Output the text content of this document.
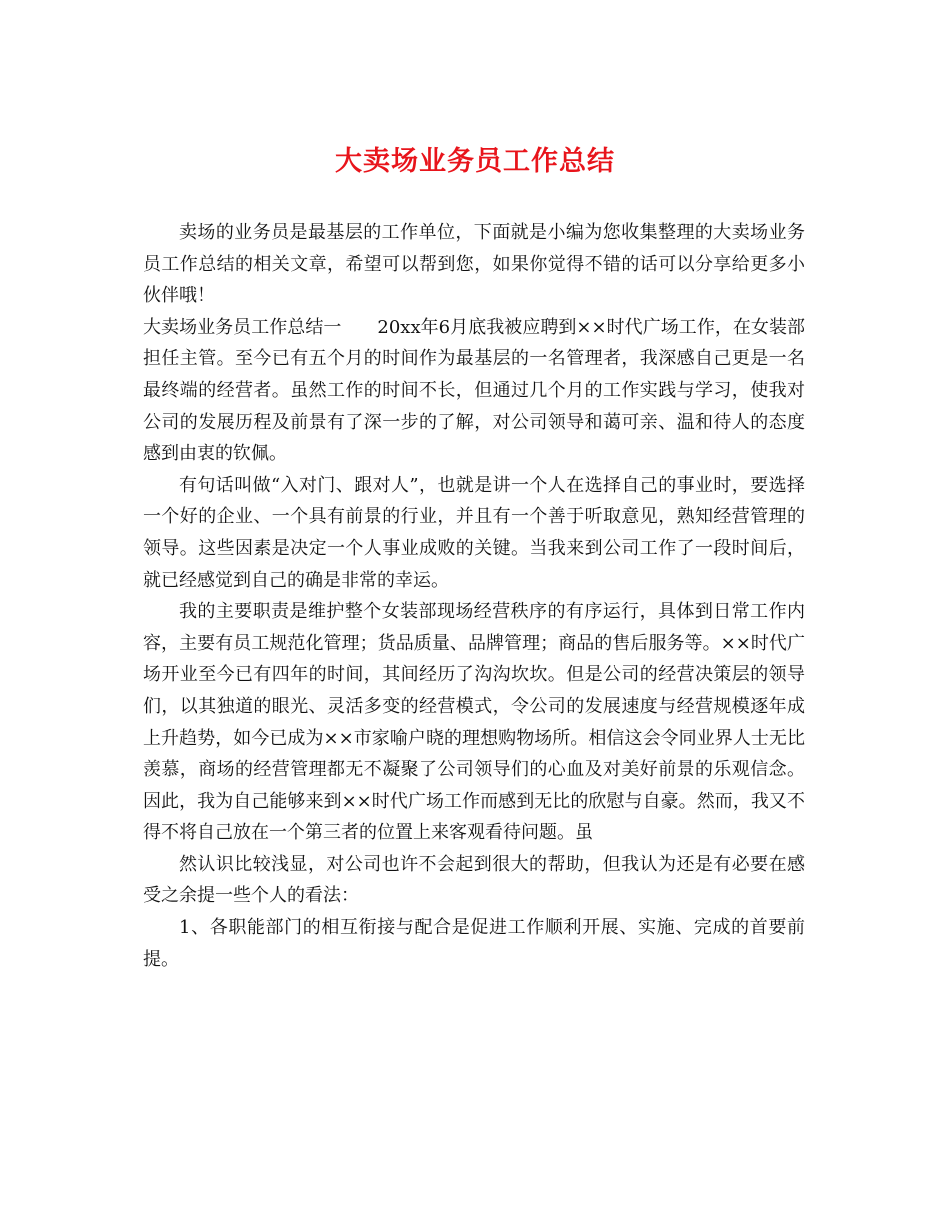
大卖场业务员工作总结

卖场的业务员是最基层的工作单位，下面就是小编为您收集整理的大卖场业务员工作总结的相关文章，希望可以帮到您，如果你觉得不错的话可以分享给更多小伙伴哦！

大卖场业务员工作总结一 20xx年6月底我被应聘到××时代广场工作，在女装部担任主管。至今已有五个月的时间作为最基层的一名管理者，我深感自己更是一名最终端的经营者。虽然工作的时间不长，但通过几个月的工作实践与学习，使我对公司的发展历程及前景有了深一步的了解，对公司领导和蔼可亲、温和待人的态度感到由衷的钦佩。

有句话叫做“入对门、跟对人”，也就是讲一个人在选择自己的事业时，要选择一个好的企业、一个具有前景的行业，并且有一个善于听取意见，熟知经营管理的领导。这些因素是决定一个人事业成败的关键。当我来到公司工作了一段时间后，就已经感觉到自己的确是非常的幸运。

我的主要职责是维护整个女装部现场经营秩序的有序运行，具体到日常工作内容，主要有员工规范化管理；货品质量、品牌管理；商品的售后服务等。××时代广场开业至今已有四年的时间，其间经历了沟沟坎坎。但是公司的经营决策层的领导们，以其独道的眼光、灵活多变的经营模式，令公司的发展速度与经营规模逐年成上升趋势，如今已成为××市家喻户晓的理想购物场所。相信这会令同业界人士无比羡慕，商场的经营管理都无不凝聚了公司领导们的心血及对美好前景的乐观信念。因此，我为自己能够来到××时代广场工作而感到无比的欣慰与自豪。然而，我又不得不将自己放在一个第三者的位置上来客观看待问题。虽

然认识比较浅显，对公司也许不会起到很大的帮助，但我认为还是有必要在感受之余提一些个人的看法：

1、各职能部门的相互衔接与配合是促进工作顺利开展、实施、完成的首要前提。
